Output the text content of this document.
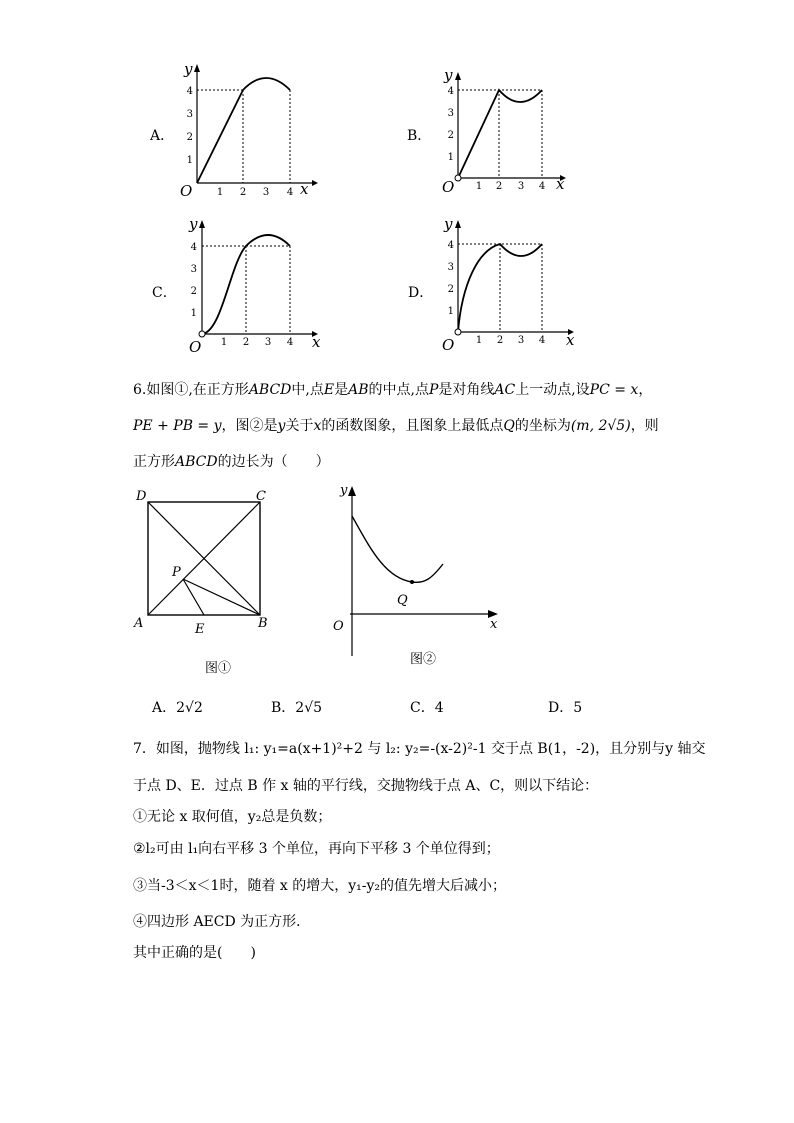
A．	B．
C．	D．
4
3
2
1
1 2 3 4 x
y
O
4
3
2
1
1 2 3 4 x
y
O
4
3
2
1
1 2 3 4 x
y
O
4
3
2
1
1 2 3 4 x
y
O
6.如图①,在正方形ABCD中,点E是AB的中点,点P是对角线AC上一动点,设PC = x，
PE + PB = y，图②是y关于x的函数图象，且图象上最低点Q的坐标为(m, 2√5)，则
正方形ABCD的边长为（　　）
D	C
A	B
E
P
图①
y
x
O
Q
图②
A．2√2	B．2√5	C．4	D．5
7．如图，抛物线 l₁: y₁=a(x+1)²+2 与 l₂: y₂=-(x-2)²-1 交于点 B(1，-2)，且分别与y 轴交
于点 D、E．过点 B 作 x 轴的平行线，交抛物线于点 A、C，则以下结论：
①无论 x 取何值，y₂总是负数；
②l₂可由 l₁向右平移 3 个单位，再向下平移 3 个单位得到；
③当-3＜x＜1时，随着 x 的增大，y₁-y₂的值先增大后减小；
④四边形 AECD 为正方形．
其中正确的是(　　)
